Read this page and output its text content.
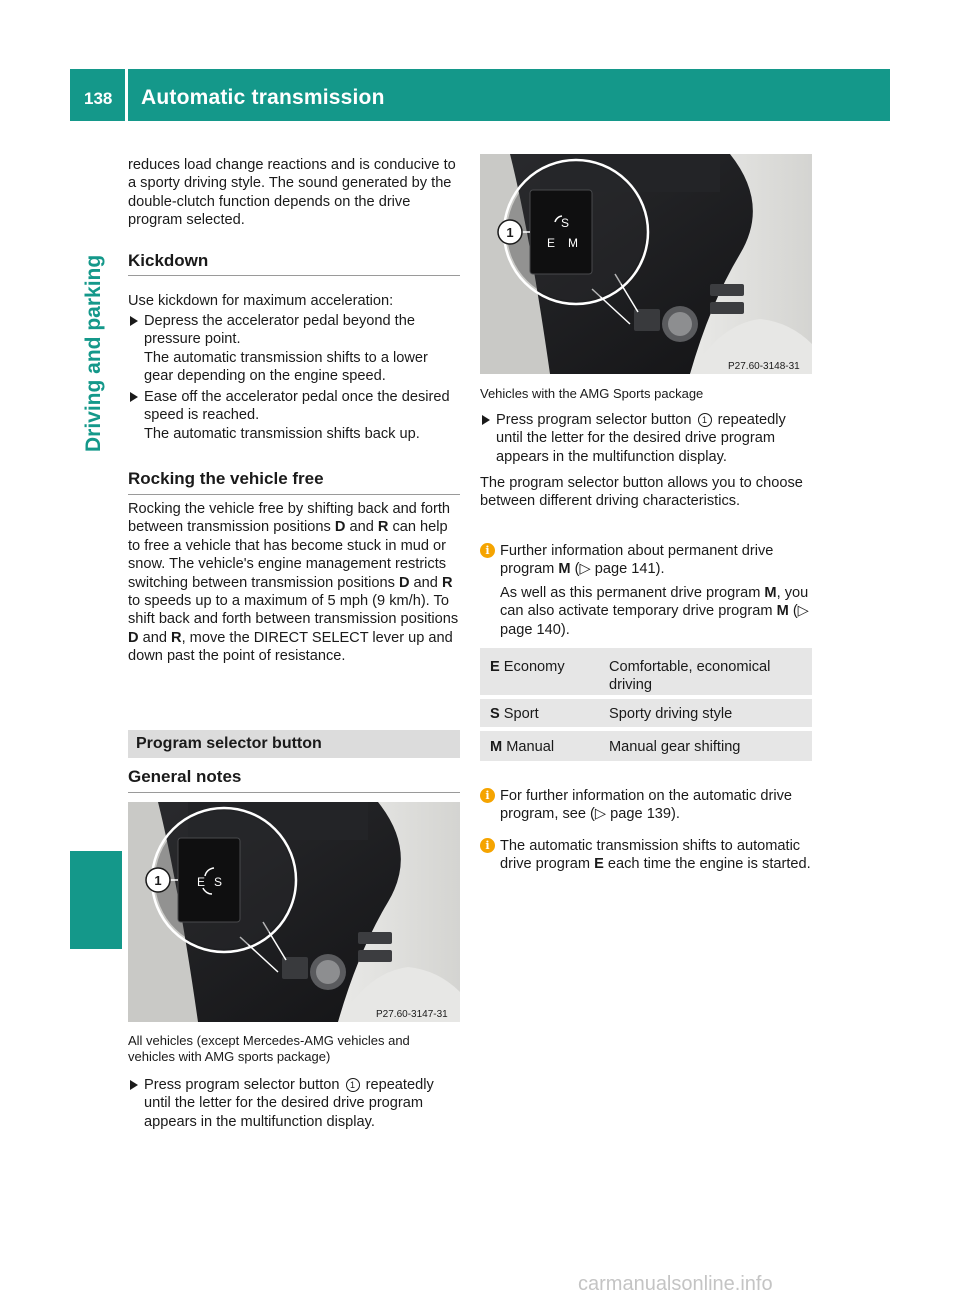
138 Automatic transmission
Driving and parking

reduces load change reactions and is conducive to a sporty driving style. The sound generated by the double-clutch function depends on the drive program selected.

Kickdown

Use kickdown for maximum acceleration:

Depress the accelerator pedal beyond the pressure point.

The automatic transmission shifts to a lower gear depending on the engine speed.

Ease off the accelerator pedal once the desired speed is reached.

The automatic transmission shifts back up.

Rocking the vehicle free

Rocking the vehicle free by shifting back and forth between transmission positions D and R can help to free a vehicle that has become stuck in mud or snow. The vehicle's engine management restricts switching between transmission positions D and R to speeds up to a maximum of 5 mph (9 km/h). To shift back and forth between transmission positions D and R, move the DIRECT SELECT lever up and down past the point of resistance.

Program selector button
General notes
1	E S
P27.60-3147-31

All vehicles (except Mercedes-AMG vehicles and vehicles with AMG sports package)

Press program selector button 1 repeatedly until the letter for the desired drive program appears in the multifunction display.

1
S
E M
P27.60-3148-31

Vehicles with the AMG Sports package

Press program selector button 1 repeatedly until the letter for the desired drive program appears in the multifunction display.

The program selector button allows you to choose between different driving characteristics.

i Further information about permanent drive program M (▷ page 141).

As well as this permanent drive program M, you can also activate temporary drive program M (▷ page 140).

E Economy	Comfortable, economical driving
S Sport	Sporty driving style
M Manual	Manual gear shifting
i For further information on the automatic drive program, see (▷ page 139).

i The automatic transmission shifts to automatic drive program E each time the engine is started.

carmanualsonline.info
